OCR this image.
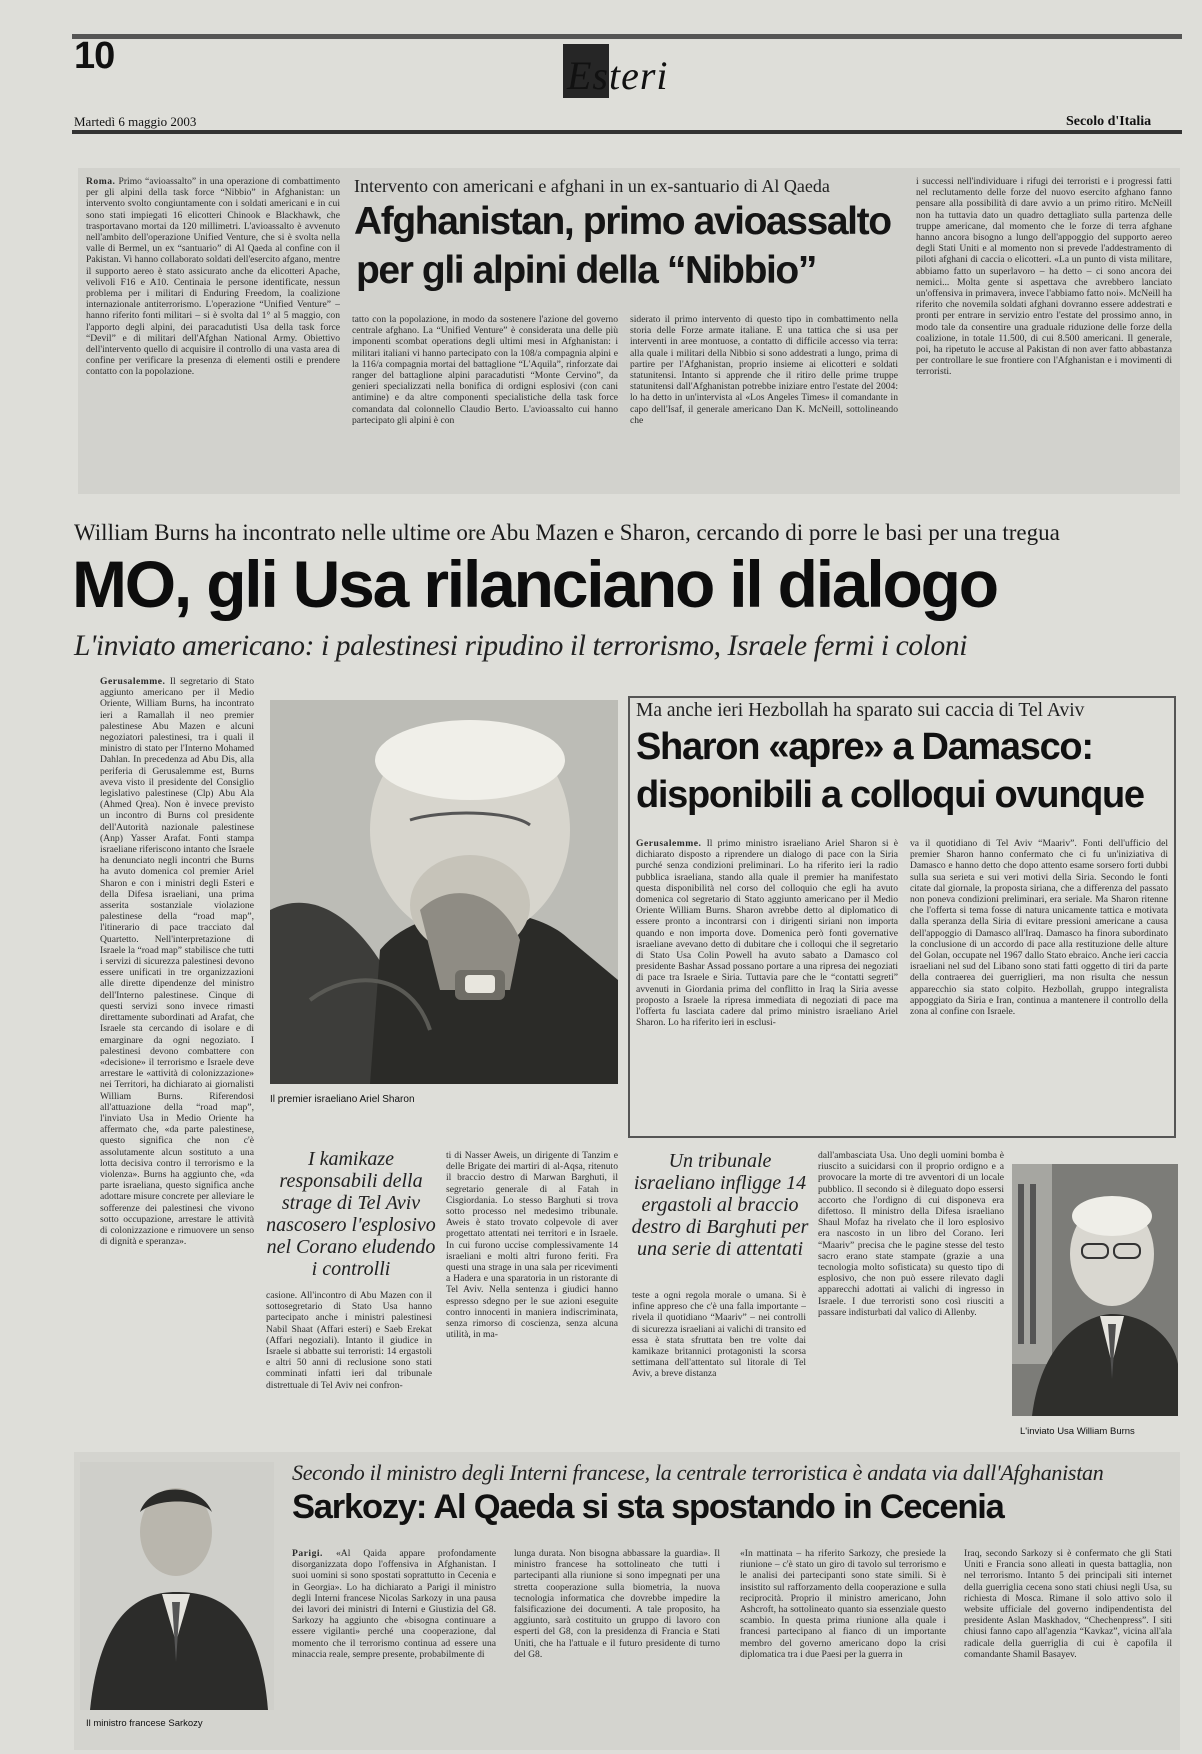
10	Esteri
Martedì 6 maggio 2003	Secolo d'Italia
Roma. Primo “avioassalto” in una operazione di combattimento per gli alpini della task force “Nibbio” in Afghanistan: un intervento svolto congiuntamente con i soldati americani e in cui sono stati impiegati 16 elicotteri Chinook e Blackhawk, che trasportavano mortai da 120 millimetri. L'avioassalto è avvenuto nell'ambito dell'operazione Unified Venture, che si è svolta nella valle di Bermel, un ex “santuario” di Al Qaeda al confine con il Pakistan. Vi hanno collaborato soldati dell'esercito afgano, mentre il supporto aereo è stato assicurato anche da elicotteri Apache, velivoli F16 e A10. Centinaia le persone identificate, nessun problema per i militari di Enduring Freedom, la coalizione internazionale antiterrorismo. L'operazione “Unified Venture” – hanno riferito fonti militari – si è svolta dal 1° al 5 maggio, con l'apporto degli alpini, dei paracadutisti Usa della task force “Devil” e di militari dell'Afghan National Army. Obiettivo dell'intervento quello di acquisire il controllo di una vasta area di confine per verificare la presenza di elementi ostili e prendere contatto con la popolazione.
Intervento con americani e afghani in un ex-santuario di Al Qaeda
Afghanistan, primo avioassalto
per gli alpini della “Nibbio”
tatto con la popolazione, in modo da sostenere l'azione del governo centrale afghano. La “Unified Venture” è considerata una delle più imponenti scombat operations degli ultimi mesi in Afghanistan: i militari italiani vi hanno partecipato con la 108/a compagnia alpini e la 116/a compagnia mortai del battaglione “L'Aquila”, rinforzate dai ranger del battaglione alpini paracadutisti “Monte Cervino”, da genieri specializzati nella bonifica di ordigni esplosivi (con cani antimine) e da altre componenti specialistiche della task force comandata dal colonnello Claudio Berto. L'avioassalto cui hanno partecipato gli alpini è con
siderato il primo intervento di questo tipo in combattimento nella storia delle Forze armate italiane. E una tattica che si usa per interventi in aree montuose, a contatto di difficile accesso via terra: alla quale i militari della Nibbio si sono addestrati a lungo, prima di partire per l'Afghanistan, proprio insieme ai elicotteri e soldati statunitensi. Intanto si apprende che il ritiro delle prime truppe statunitensi dall'Afghanistan potrebbe iniziare entro l'estate del 2004: lo ha detto in un'intervista al «Los Angeles Times» il comandante in capo dell'Isaf, il generale americano Dan K. McNeill, sottolineando che
i successi nell'individuare i rifugi dei terroristi e i progressi fatti nel reclutamento delle forze del nuovo esercito afghano fanno pensare alla possibilità di dare avvio a un primo ritiro. McNeill non ha tuttavia dato un quadro dettagliato sulla partenza delle truppe americane, dal momento che le forze di terra afghane hanno ancora bisogno a lungo dell'appoggio del supporto aereo degli Stati Uniti e al momento non si prevede l'addestramento di piloti afghani di caccia o elicotteri. «La un punto di vista militare, abbiamo fatto un superlavoro – ha detto – ci sono ancora dei nemici... Molta gente si aspettava che avrebbero lanciato un'offensiva in primavera, invece l'abbiamo fatto noi». McNeill ha riferito che novemila soldati afghani dovranno essere addestrati e pronti per entrare in servizio entro l'estate del prossimo anno, in modo tale da consentire una graduale riduzione delle forze della coalizione, in totale 11.500, di cui 8.500 americani. Il generale, poi, ha ripetuto le accuse al Pakistan di non aver fatto abbastanza per controllare le sue frontiere con l'Afghanistan e i movimenti di terroristi.
William Burns ha incontrato nelle ultime ore Abu Mazen e Sharon, cercando di porre le basi per una tregua
MO, gli Usa rilanciano il dialogo
L'inviato americano: i palestinesi ripudino il terrorismo, Israele fermi i coloni
Gerusalemme. Il segretario di Stato aggiunto americano per il Medio Oriente, William Burns, ha incontrato ieri a Ramallah il neo premier palestinese Abu Mazen e alcuni negoziatori palestinesi, tra i quali il ministro di stato per l'Interno Mohamed Dahlan. In precedenza ad Abu Dis, alla periferia di Gerusalemme est, Burns aveva visto il presidente del Consiglio legislativo palestinese (Clp) Abu Ala (Ahmed Qrea). Non è invece previsto un incontro di Burns col presidente dell'Autorità nazionale palestinese (Anp) Yasser Arafat. Fonti stampa israeliane riferiscono intanto che Israele ha denunciato negli incontri che Burns ha avuto domenica col premier Ariel Sharon e con i ministri degli Esteri e della Difesa israeliani, una prima asserita sostanziale violazione palestinese della “road map”, l'itinerario di pace tracciato dal Quartetto. Nell'interpretazione di Israele la “road map” stabilisce che tutti i servizi di sicurezza palestinesi devono essere unificati in tre organizzazioni alle dirette dipendenze del ministro dell'Interno palestinese. Cinque di questi servizi sono invece rimasti direttamente subordinati ad Arafat, che Israele sta cercando di isolare e di emarginare da ogni negoziato. I palestinesi devono combattere con «decisione» il terrorismo e Israele deve arrestare le «attività di colonizzazione» nei Territori, ha dichiarato ai giornalisti William Burns. Riferendosi all'attuazione della “road map”, l'inviato Usa in Medio Oriente ha affermato che, «da parte palestinese, questo significa che non c'è assolutamente alcun sostituto a una lotta decisiva contro il terrorismo e la violenza». Burns ha aggiunto che, «da parte israeliana, questo significa anche adottare misure concrete per alleviare le sofferenze dei palestinesi che vivono sotto occupazione, arrestare le attività di colonizzazione e rimuovere un senso di dignità e speranza».
Il premier israeliano Ariel Sharon
Ma anche ieri Hezbollah ha sparato sui caccia di Tel Aviv
Sharon «apre» a Damasco:
disponibili a colloqui ovunque
Gerusalemme. Il primo ministro israeliano Ariel Sharon si è dichiarato disposto a riprendere un dialogo di pace con la Siria purché senza condizioni preliminari. Lo ha riferito ieri la radio pubblica israeliana, stando alla quale il premier ha manifestato questa disponibilità nel corso del colloquio che egli ha avuto domenica col segretario di Stato aggiunto americano per il Medio Oriente William Burns. Sharon avrebbe detto al diplomatico di essere pronto a incontrarsi con i dirigenti siriani non importa quando e non importa dove. Domenica però fonti governative israeliane avevano detto di dubitare che i colloqui che il segretario di Stato Usa Colin Powell ha avuto sabato a Damasco col presidente Bashar Assad possano portare a una ripresa dei negoziati di pace tra Israele e Siria. Tuttavia pare che le “contatti segreti” avvenuti in Giordania prima del conflitto in Iraq la Siria avesse proposto a Israele la ripresa immediata di negoziati di pace ma l'offerta fu lasciata cadere dal primo ministro israeliano Ariel Sharon. Lo ha riferito ieri in esclusi-
va il quotidiano di Tel Aviv “Maariv”. Fonti dell'ufficio del premier Sharon hanno confermato che ci fu un'iniziativa di Damasco e hanno detto che dopo attento esame sorsero forti dubbi sulla sua serieta e sui veri motivi della Siria. Secondo le fonti citate dal giornale, la proposta siriana, che a differenza del passato non poneva condizioni preliminari, era seriale. Ma Sharon ritenne che l'offerta si tema fosse di natura unicamente tattica e motivata dalla speranza della Siria di evitare pressioni americane a causa dell'appoggio di Damasco all'Iraq. Damasco ha finora subordinato la conclusione di un accordo di pace alla restituzione delle alture del Golan, occupate nel 1967 dallo Stato ebraico. Anche ieri caccia israeliani nel sud del Libano sono stati fatti oggetto di tiri da parte della contraerea dei guerriglieri, ma non risulta che nessun apparecchio sia stato colpito. Hezbollah, gruppo integralista appoggiato da Siria e Iran, continua a mantenere il controllo della zona al confine con Israele.
I kamikaze responsabili della strage di Tel Aviv nascosero l'esplosivo nel Corano eludendo i controlli
casione. All'incontro di Abu Mazen con il sottosegretario di Stato Usa hanno partecipato anche i ministri palestinesi Nabil Shaat (Affari esteri) e Saeb Erekat (Affari negoziali). Intanto il giudice in Israele si abbatte sui terroristi: 14 ergastoli e altri 50 anni di reclusione sono stati comminati infatti ieri dal tribunale distrettuale di Tel Aviv nei confron-
ti di Nasser Aweis, un dirigente di Tanzim e delle Brigate dei martiri di al-Aqsa, ritenuto il braccio destro di Marwan Barghuti, il segretario generale di al Fatah in Cisgiordania. Lo stesso Barghuti si trova sotto processo nel medesimo tribunale. Aweis è stato trovato colpevole di aver progettato attentati nei territori e in Israele. In cui furono uccise complessivamente 14 israeliani e molti altri furono feriti. Fra questi una strage in una sala per ricevimenti a Hadera e una sparatoria in un ristorante di Tel Aviv. Nella sentenza i giudici hanno espresso sdegno per le sue azioni eseguite contro innocenti in maniera indiscriminata, senza rimorso di coscienza, senza alcuna utilità, in ma-
Un tribunale israeliano infligge 14 ergastoli al braccio destro di Barghuti per una serie di attentati
teste a ogni regola morale o umana. Si è infine appreso che c'è una falla importante – rivela il quotidiano “Maariv” – nei controlli di sicurezza israeliani ai valichi di transito ed essa è stata sfruttata ben tre volte dai kamikaze britannici protagonisti la scorsa settimana dell'attentato sul litorale di Tel Aviv, a breve distanza
dall'ambasciata Usa. Uno degli uomini bomba è riuscito a suicidarsi con il proprio ordigno e a provocare la morte di tre avventori di un locale pubblico. Il secondo si è dileguato dopo essersi accorto che l'ordigno di cui disponeva era difettoso. Il ministro della Difesa israeliano Shaul Mofaz ha rivelato che il loro esplosivo era nascosto in un libro del Corano. Ieri “Maariv” precisa che le pagine stesse del testo sacro erano state stampate (grazie a una tecnologia molto sofisticata) su questo tipo di esplosivo, che non può essere rilevato dagli apparecchi adottati ai valichi di ingresso in Israele. I due terroristi sono così riusciti a passare indisturbati dal valico di Allenby.
L'inviato Usa William Burns
Il ministro francese Sarkozy
Secondo il ministro degli Interni francese, la centrale terroristica è andata via dall'Afghanistan
Sarkozy: Al Qaeda si sta spostando in Cecenia
Parigi. «Al Qaida appare profondamente disorganizzata dopo l'offensiva in Afghanistan. I suoi uomini si sono spostati soprattutto in Cecenia e in Georgia». Lo ha dichiarato a Parigi il ministro degli Interni francese Nicolas Sarkozy in una pausa dei lavori dei ministri di Interni e Giustizia del G8. Sarkozy ha aggiunto che «bisogna continuare a essere vigilanti» perché una cooperazione, dal momento che il terrorismo continua ad essere una minaccia reale, sempre presente, probabilmente di
lunga durata. Non bisogna abbassare la guardia». Il ministro francese ha sottolineato che tutti i partecipanti alla riunione si sono impegnati per una stretta cooperazione sulla biometria, la nuova tecnologia informatica che dovrebbe impedire la falsificazione dei documenti. A tale proposito, ha aggiunto, sarà costituito un gruppo di lavoro con esperti del G8, con la presidenza di Francia e Stati Uniti, che ha l'attuale e il futuro presidente di turno del G8.
«In mattinata – ha riferito Sarkozy, che presiede la riunione – c'è stato un giro di tavolo sul terrorismo e le analisi dei partecipanti sono state simili. Si è insistito sul rafforzamento della cooperazione e sulla reciprocità. Proprio il ministro americano, John Ashcroft, ha sottolineato quanto sia essenziale questo scambio. In questa prima riunione alla quale i francesi partecipano al fianco di un importante membro del governo americano dopo la crisi diplomatica tra i due Paesi per la guerra in
Iraq, secondo Sarkozy si è confermato che gli Stati Uniti e Francia sono alleati in questa battaglia, non nel terrorismo. Intanto 5 dei principali siti internet della guerriglia cecena sono stati chiusi negli Usa, su richiesta di Mosca. Rimane il solo attivo solo il website ufficiale del governo indipendentista del presidente Aslan Maskhadov, “Chechenpress”. I siti chiusi fanno capo all'agenzia “Kavkaz”, vicina all'ala radicale della guerriglia di cui è capofila il comandante Shamil Basayev.
